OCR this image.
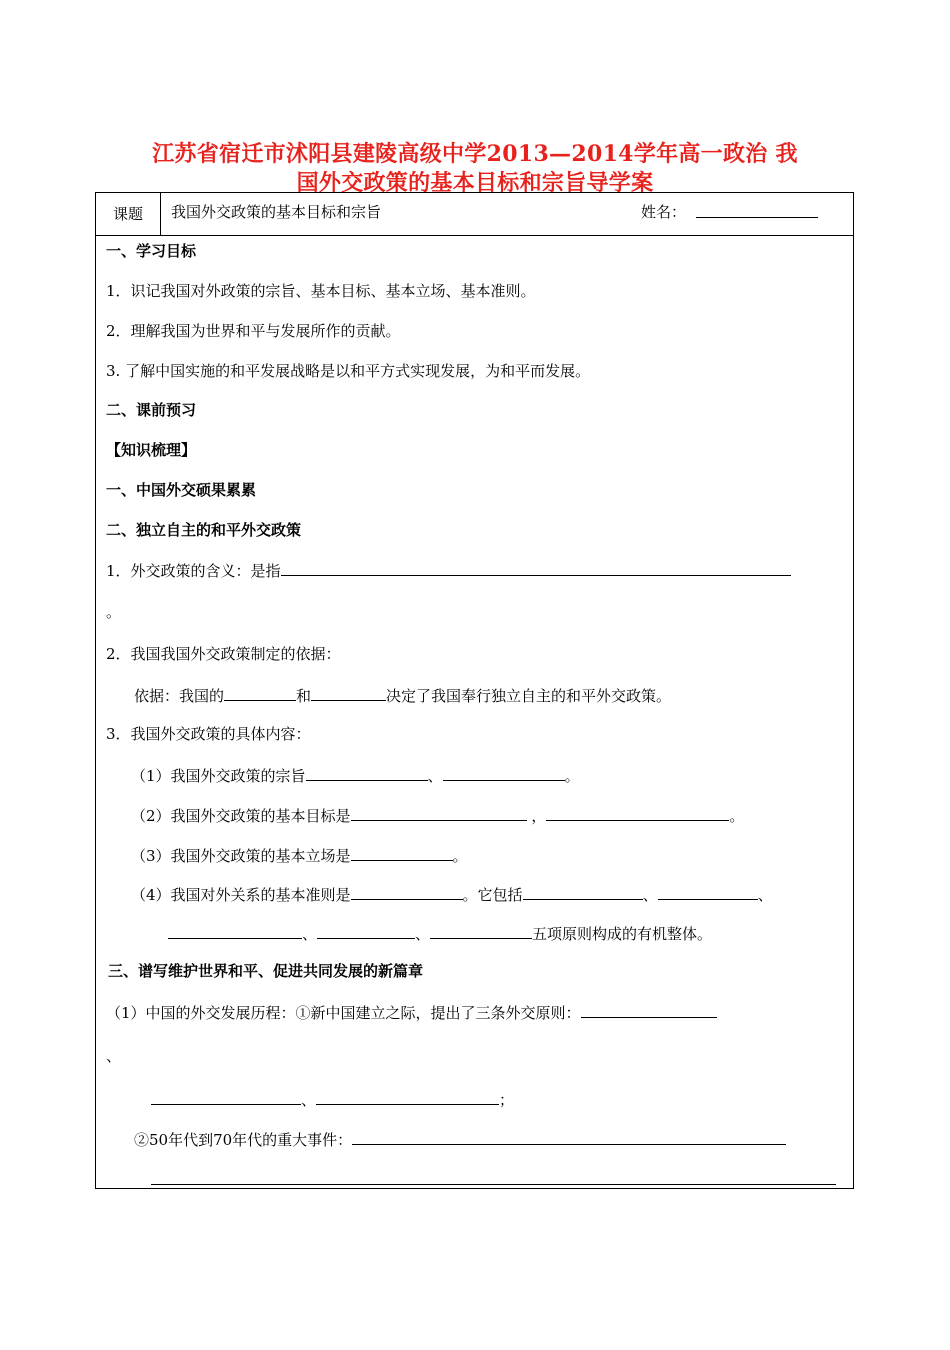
江苏省宿迁市沭阳县建陵高级中学2013—2014学年高一政治 我
国外交政策的基本目标和宗旨导学案
课题	我国外交政策的基本目标和宗旨	姓名：
一、学习目标
1．识记我国对外政策的宗旨、基本目标、基本立场、基本准则。
2．理解我国为世界和平与发展所作的贡献。
3. 了解中国实施的和平发展战略是以和平方式实现发展，为和平而发展。
二、课前预习
【知识梳理】
一、中国外交硕果累累
二、独立自主的和平外交政策
1．外交政策的含义：是指
。
2．我国我国外交政策制定的依据：
依据：我国的	和	决定了我国奉行独立自主的和平外交政策。
3．我国外交政策的具体内容：
（1）我国外交政策的宗旨	、	。
（2）我国外交政策的基本目标是	，	。
（3）我国外交政策的基本立场是	。
（4）我国对外关系的基本准则是	。它包括	、	、
、	、	五项原则构成的有机整体。
三、谱写维护世界和平、促进共同发展的新篇章
（1）中国的外交发展历程：①新中国建立之际，提出了三条外交原则：
、
、	；
②50年代到70年代的重大事件：
